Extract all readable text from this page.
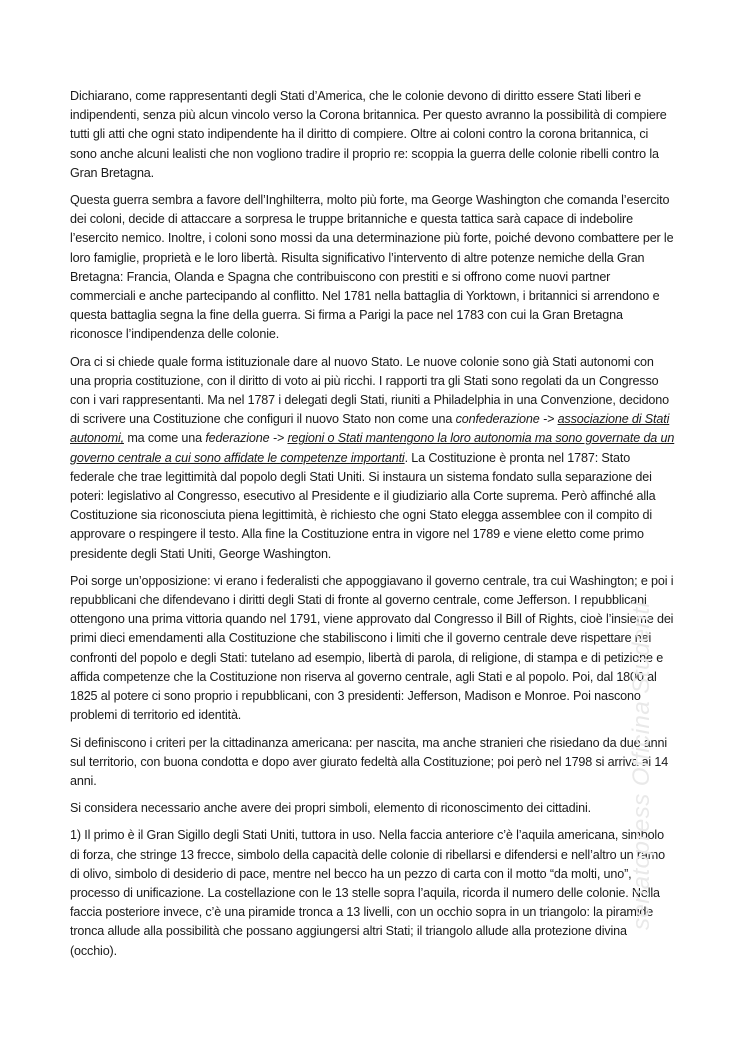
Dichiarano, come rappresentanti degli Stati d’America, che le colonie devono di diritto essere Stati liberi e indipendenti, senza più alcun vincolo verso la Corona britannica. Per questo avranno la possibilità di compiere tutti gli atti che ogni stato indipendente ha il diritto di compiere. Oltre ai coloni contro la corona britannica, ci sono anche alcuni lealisti che non vogliono tradire il proprio re: scoppia la guerra delle colonie ribelli contro la Gran Bretagna.

Questa guerra sembra a favore dell’Inghilterra, molto più forte, ma George Washington che comanda l’esercito dei coloni, decide di attaccare a sorpresa le truppe britanniche e questa tattica sarà capace di indebolire l’esercito nemico. Inoltre, i coloni sono mossi da una determinazione più forte, poiché devono combattere per le loro famiglie, proprietà e le loro libertà. Risulta significativo l’intervento di altre potenze nemiche della Gran Bretagna: Francia, Olanda e Spagna che contribuiscono con prestiti e si offrono come nuovi partner commerciali e anche partecipando al conflitto. Nel 1781 nella battaglia di Yorktown, i britannici si arrendono e questa battaglia segna la fine della guerra. Si firma a Parigi la pace nel 1783 con cui la Gran Bretagna riconosce l’indipendenza delle colonie.

Ora ci si chiede quale forma istituzionale dare al nuovo Stato. Le nuove colonie sono già Stati autonomi con una propria costituzione, con il diritto di voto ai più ricchi. I rapporti tra gli Stati sono regolati da un Congresso con i vari rappresentanti. Ma nel 1787 i delegati degli Stati, riuniti a Philadelphia in una Convenzione, decidono di scrivere una Costituzione che configuri il nuovo Stato non come una confederazione -> associazione di Stati autonomi, ma come una federazione -> regioni o Stati mantengono la loro autonomia ma sono governate da un governo centrale a cui sono affidate le competenze importanti. La Costituzione è pronta nel 1787: Stato federale che trae legittimità dal popolo degli Stati Uniti. Si instaura un sistema fondato sulla separazione dei poteri: legislativo al Congresso, esecutivo al Presidente e il giudiziario alla Corte suprema. Però affinché alla Costituzione sia riconosciuta piena legittimità, è richiesto che ogni Stato elegga assemblee con il compito di approvare o respingere il testo. Alla fine la Costituzione entra in vigore nel 1789 e viene eletto come primo presidente degli Stati Uniti, George Washington.

Poi sorge un’opposizione: vi erano i federalisti che appoggiavano il governo centrale, tra cui Washington; e poi i repubblicani che difendevano i diritti degli Stati di fronte al governo centrale, come Jefferson. I repubblicani ottengono una prima vittoria quando nel 1791, viene approvato dal Congresso il Bill of Rights, cioè l’insieme dei primi dieci emendamenti alla Costituzione che stabiliscono i limiti che il governo centrale deve rispettare nei confronti del popolo e degli Stati: tutelano ad esempio, libertà di parola, di religione, di stampa e di petizione e affida competenze che la Costituzione non riserva al governo centrale, agli Stati e al popolo. Poi, dal 1800 al 1825 al potere ci sono proprio i repubblicani, con 3 presidenti: Jefferson, Madison e Monroe. Poi nascono problemi di territorio ed identità.

Si definiscono i criteri per la cittadinanza americana: per nascita, ma anche stranieri che risiedano da due anni sul territorio, con buona condotta e dopo aver giurato fedeltà alla Costituzione; poi però nel 1798 si arriva ai 14 anni.

Si considera necessario anche avere dei propri simboli, elemento di riconoscimento dei cittadini.

1) Il primo è il Gran Sigillo degli Stati Uniti, tuttora in uso. Nella faccia anteriore c’è l’aquila americana, simbolo di forza, che stringe 13 frecce, simbolo della capacità delle colonie di ribellarsi e difendersi e nell’altro un ramo di olivo, simbolo di desiderio di pace, mentre nel becco ha un pezzo di carta con il motto “da molti, uno”, processo di unificazione. La costellazione con le 13 stelle sopra l’aquila, ricorda il numero delle colonie. Nella faccia posteriore invece, c’è una piramide tronca a 13 livelli, con un occhio sopra in un triangolo: la piramide tronca allude alla possibilità che possano aggiungersi altri Stati; il triangolo allude alla protezione divina (occhio).

seriatopress Officina Studenti
